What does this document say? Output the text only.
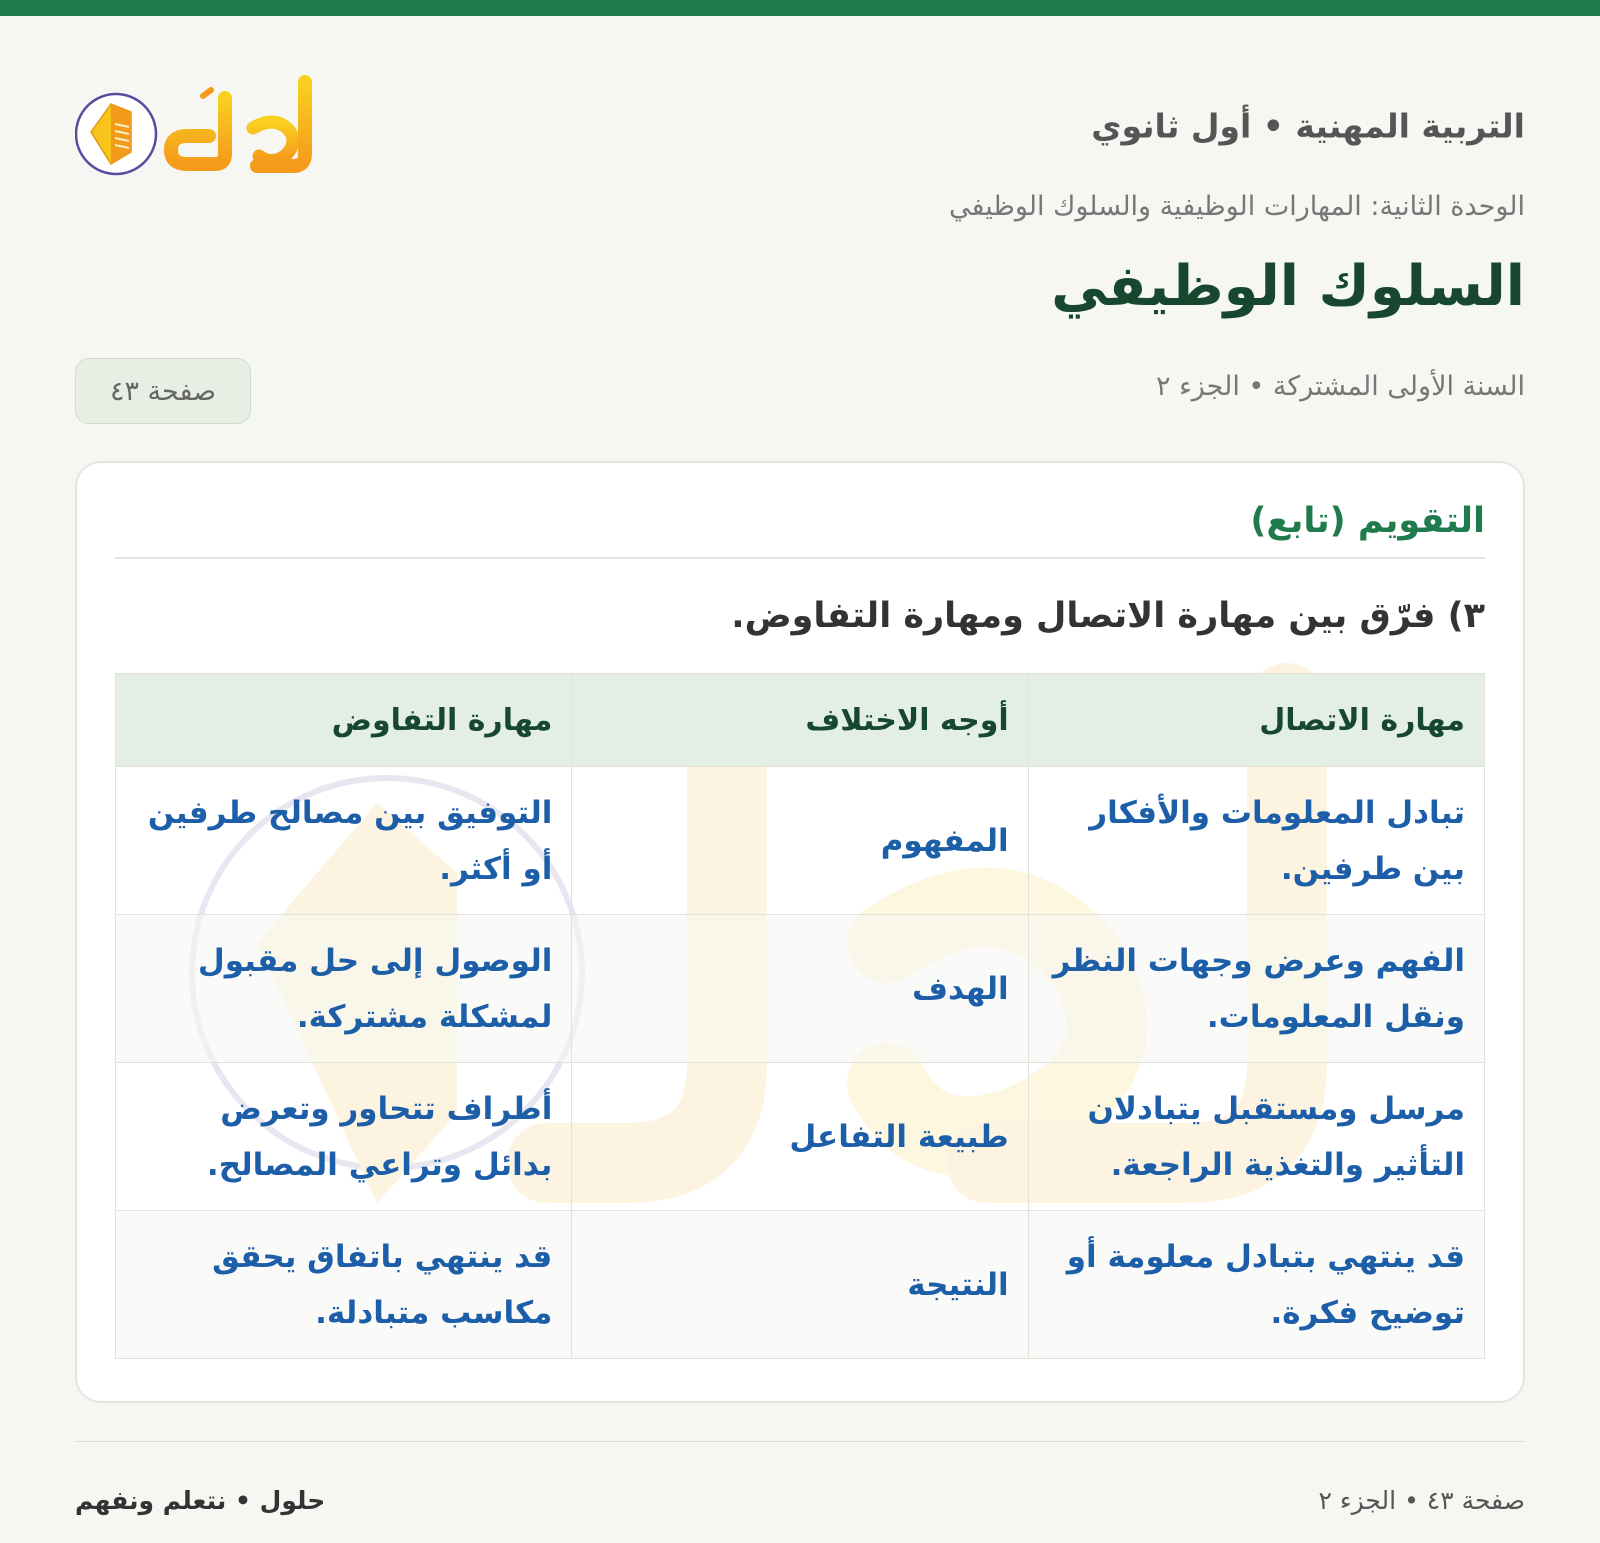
التربية المهنية • أول ثانوي
الوحدة الثانية: المهارات الوظيفية والسلوك الوظيفي
السلوك الوظيفي
السنة الأولى المشتركة • الجزء ٢
صفحة ٤٣
التقويم (تابع)
٣) فرّق بين مهارة الاتصال ومهارة التفاوض.
مهارة الاتصال	أوجه الاختلاف	مهارة التفاوض
تبادل المعلومات والأفكار بين طرفين.	المفهوم	التوفيق بين مصالح طرفين أو أكثر.
الفهم وعرض وجهات النظر ونقل المعلومات.	الهدف	الوصول إلى حل مقبول لمشكلة مشتركة.
مرسل ومستقبل يتبادلان التأثير والتغذية الراجعة.	طبيعة التفاعل	أطراف تتحاور وتعرض بدائل وتراعي المصالح.
قد ينتهي بتبادل معلومة أو توضيح فكرة.	النتيجة	قد ينتهي باتفاق يحقق مكاسب متبادلة.
صفحة ٤٣ • الجزء ٢
حلول • نتعلم ونفهم
